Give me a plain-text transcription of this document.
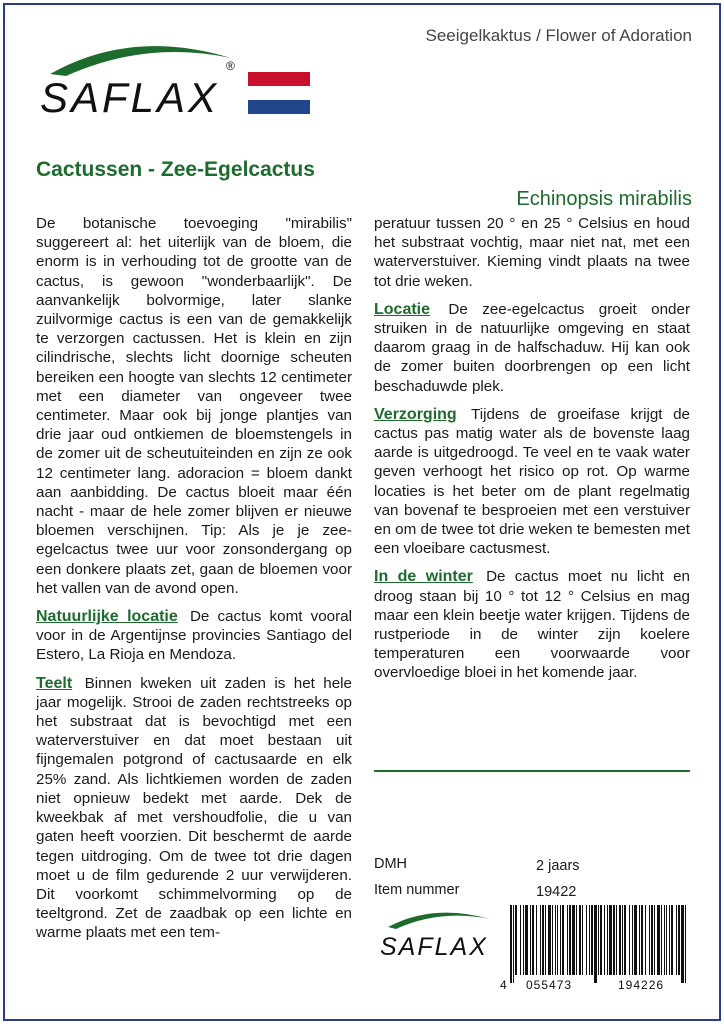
Seeigelkaktus / Flower of Adoration
SAFLAX
®
Cactussen - Zee-Egelcactus
Echinopsis mirabilis

De botanische toevoeging "mirabilis" suggereert al: het uiterlijk van de bloem, die enorm is in verhouding tot de grootte van de cactus, is gewoon "wonderbaarlijk". De aanvankelijk bolvormige, later slanke zuilvormige cactus is een van de gemakkelijk te verzorgen cactussen. Het is klein en zijn cilindrische, slechts licht doornige scheuten bereiken een hoogte van slechts 12 centimeter met een diameter van ongeveer twee centimeter. Maar ook bij jonge plantjes van drie jaar oud ontkiemen de bloemstengels in de zomer uit de scheutuiteinden en zijn ze ook 12 centimeter lang. adoracion = bloem dankt aan aanbidding. De cactus bloeit maar één nacht - maar de hele zomer blijven er nieuwe bloemen verschijnen. Tip: Als je je zee-egelcactus twee uur voor zonsondergang op een donkere plaats zet, gaan de bloemen voor het vallen van de avond open.

Natuurlijke locatie De cactus komt vooral voor in de Argentijnse provincies Santiago del Estero, La Rioja en Mendoza.

Teelt Binnen kweken uit zaden is het hele jaar mogelijk. Strooi de zaden rechtstreeks op het substraat dat is bevochtigd met een waterverstuiver en dat moet bestaan uit fijngemalen potgrond of cactusaarde en elk 25% zand. Als lichtkiemen worden de zaden niet opnieuw bedekt met aarde. Dek de kweekbak af met vershoudfolie, die u van gaten heeft voorzien. Dit beschermt de aarde tegen uitdroging. Om de twee tot drie dagen moet u de film gedurende 2 uur verwijderen. Dit voorkomt schimmelvorming op de teeltgrond. Zet de zaadbak op een lichte en warme plaats met een tem-

peratuur tussen 20 ° en 25 ° Celsius en houd het substraat vochtig, maar niet nat, met een waterverstuiver. Kieming vindt plaats na twee tot drie weken.

Locatie De zee-egelcactus groeit onder struiken in de natuurlijke omgeving en staat daarom graag in de halfschaduw. Hij kan ook de zomer buiten doorbrengen op een licht beschaduwde plek.

Verzorging Tijdens de groeifase krijgt de cactus pas matig water als de bovenste laag aarde is uitgedroogd. Te veel en te vaak water geven verhoogt het risico op rot. Op warme locaties is het beter om de plant regelmatig van bovenaf te besproeien met een verstuiver en om de twee tot drie weken te bemesten met een vloeibare cactusmest.

In de winter De cactus moet nu licht en droog staan bij 10 ° tot 12 ° Celsius en mag maar een klein beetje water krijgen. Tijdens de rustperiode in de winter zijn koelere temperaturen een voorwaarde voor overvloedige bloei in het komende jaar.

DMH	2 jaars
Item nummer	19422
SAFLAX
4 055473	194226
